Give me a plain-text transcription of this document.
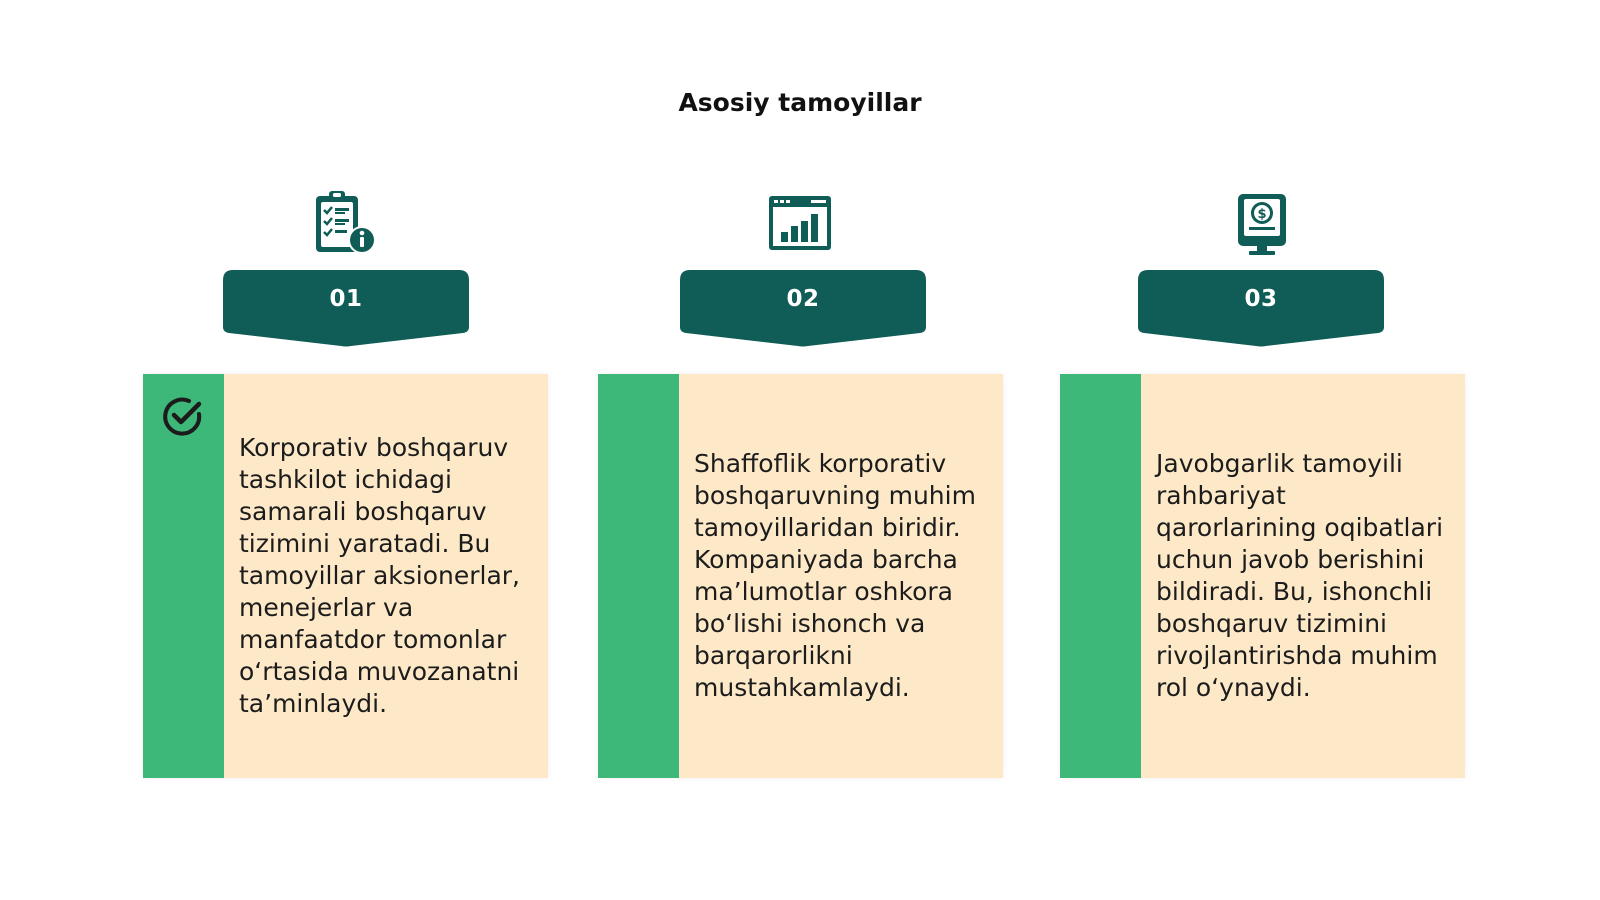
Asosiy tamoyillar
01
Korporativ boshqaruv tashkilot ichidagi samarali boshqaruv tizimini yaratadi. Bu tamoyillar aksionerlar, menejerlar va manfaatdor tomonlar o‘rtasida muvozanatni ta’minlaydi.
02
Shaffoflik korporativ boshqaruvning muhim tamoyillaridan biridir. Kompaniyada barcha ma’lumotlar oshkora bo‘lishi ishonch va barqarorlikni mustahkamlaydi.
$
03
Javobgarlik tamoyili rahbariyat qarorlarining oqibatlari uchun javob berishini bildiradi. Bu, ishonchli boshqaruv tizimini rivojlantirishda muhim rol o‘ynaydi.
